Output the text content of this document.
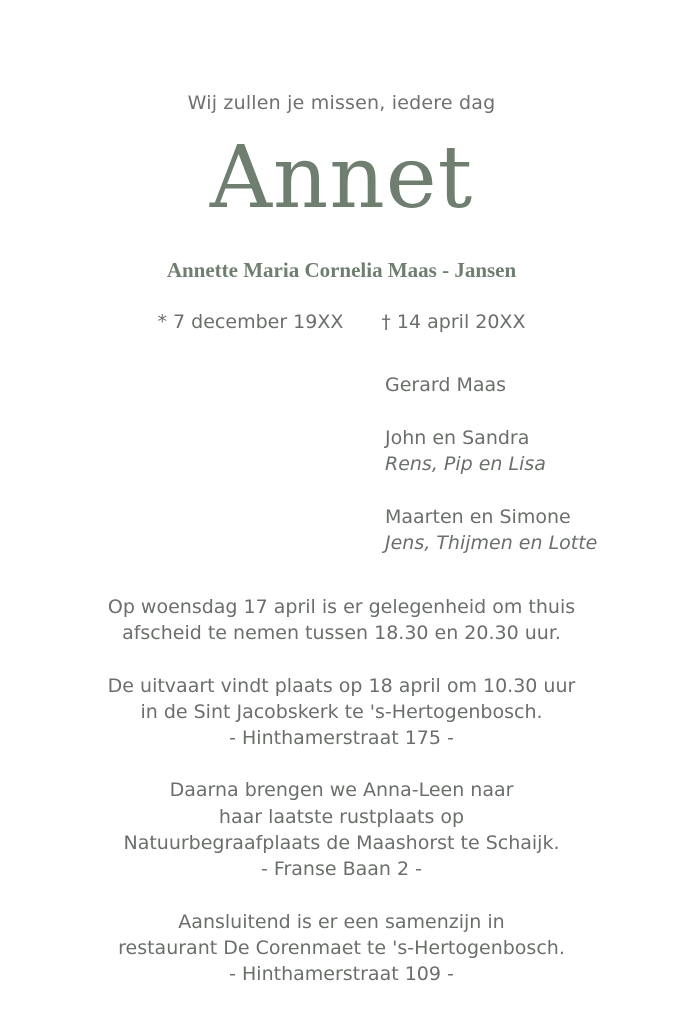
Wij zullen je missen, iedere dag
Annet
Annette Maria Cornelia Maas - Jansen
* 7 december 19XX † 14 april 20XX
Gerard Maas
John en Sandra
Rens, Pip en Lisa
Maarten en Simone
Jens, Thijmen en Lotte
Op woensdag 17 april is er gelegenheid om thuis
afscheid te nemen tussen 18.30 en 20.30 uur.
De uitvaart vindt plaats op 18 april om 10.30 uur
in de Sint Jacobskerk te 's-Hertogenbosch.
- Hinthamerstraat 175 -
Daarna brengen we Anna-Leen naar
haar laatste rustplaats op
Natuurbegraafplaats de Maashorst te Schaijk.
- Franse Baan 2 -
Aansluitend is er een samenzijn in
restaurant De Corenmaet te 's-Hertogenbosch.
- Hinthamerstraat 109 -
